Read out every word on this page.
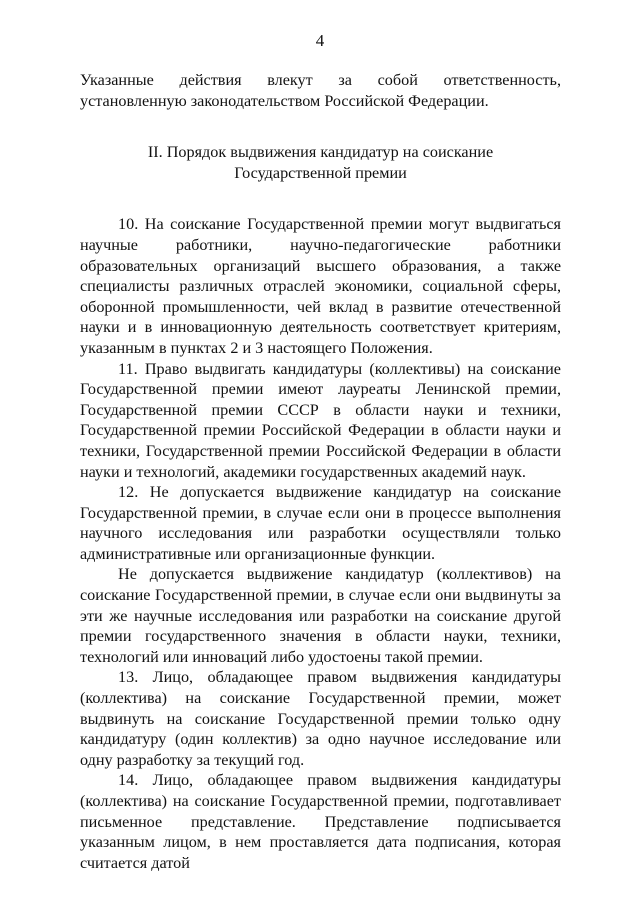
4

Указанные действия влекут за собой ответственность, установленную законодательством Российской Федерации.

II. Порядок выдвижения кандидатур на соискание
Государственной премии

10. На соискание Государственной премии могут выдвигаться научные работники, научно-педагогические работники образовательных организаций высшего образования, а также специалисты различных отраслей экономики, социальной сферы, оборонной промышленности, чей вклад в развитие отечественной науки и в инновационную деятельность соответствует критериям, указанным в пунктах 2 и 3 настоящего Положения.

11. Право выдвигать кандидатуры (коллективы) на соискание Государственной премии имеют лауреаты Ленинской премии, Государственной премии СССР в области науки и техники, Государственной премии Российской Федерации в области науки и техники, Государственной премии Российской Федерации в области науки и технологий, академики государственных академий наук.

12. Не допускается выдвижение кандидатур на соискание Государственной премии, в случае если они в процессе выполнения научного исследования или разработки осуществляли только административные или организационные функции.

Не допускается выдвижение кандидатур (коллективов) на соискание Государственной премии, в случае если они выдвинуты за эти же научные исследования или разработки на соискание другой премии государственного значения в области науки, техники, технологий или инноваций либо удостоены такой премии.

13. Лицо, обладающее правом выдвижения кандидатуры (коллектива) на соискание Государственной премии, может выдвинуть на соискание Государственной премии только одну кандидатуру (один коллектив) за одно научное исследование или одну разработку за текущий год.

14. Лицо, обладающее правом выдвижения кандидатуры (коллектива) на соискание Государственной премии, подготавливает письменное представление. Представление подписывается указанным лицом, в нем проставляется дата подписания, которая считается датой
